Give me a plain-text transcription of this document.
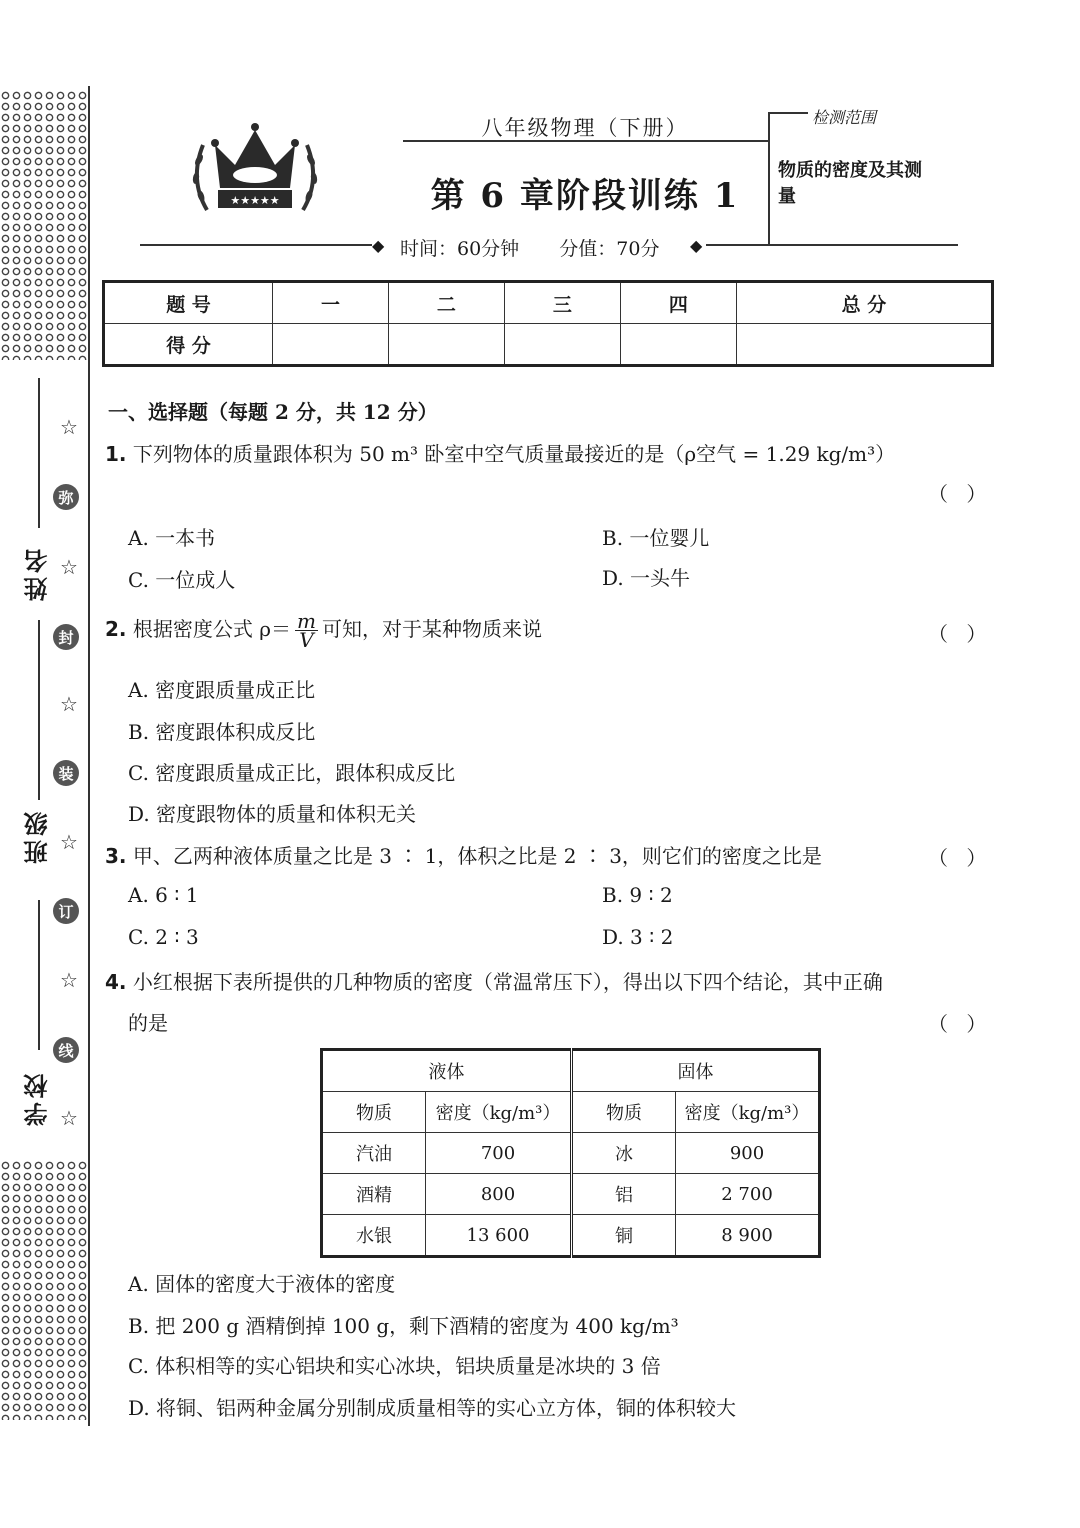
姓名
班级
学校
☆
弥
☆
封
☆
装
☆
订
☆
线
☆
★★★★★
八年级物理（下册）
第 6 章阶段训练 1
检测范围
物质的密度及其测量
◆ 时间：60分钟 分值：70分 ◆
题 号	一	二	三	四	总 分
得 分					
一、选择题（每题 2 分，共 12 分）
1. 下列物体的质量跟体积为 50 m³ 卧室中空气质量最接近的是（ρ空气 = 1.29 kg/m³）
（ ）
A. 一本书	B. 一位婴儿
C. 一位成人	D. 一头牛
2. 根据密度公式 $\rho= \frac{m}{V}$ 可知，对于某种物质来说	（ ）
A. 密度跟质量成正比
B. 密度跟体积成反比
C. 密度跟质量成正比，跟体积成反比
D. 密度跟物体的质量和体积无关
3. 甲、乙两种液体质量之比是 3 ∶ 1，体积之比是 2 ∶ 3，则它们的密度之比是	（ ）
A. 6 ∶ 1	B. 9 ∶ 2
C. 2 ∶ 3	D. 3 ∶ 2
4. 小红根据下表所提供的几种物质的密度（常温常压下），得出以下四个结论，其中正确
的是	（ ）
液体		固体	
物质	密度（kg/m³）	物质	密度（kg/m³）
汽油	700	冰	900
酒精	800	铝	2 700
水银	13 600	铜	8 900
A. 固体的密度大于液体的密度
B. 把 200 g 酒精倒掉 100 g，剩下酒精的密度为 400 kg/m³
C. 体积相等的实心铝块和实心冰块，铝块质量是冰块的 3 倍
D. 将铜、铝两种金属分别制成质量相等的实心立方体，铜的体积较大
